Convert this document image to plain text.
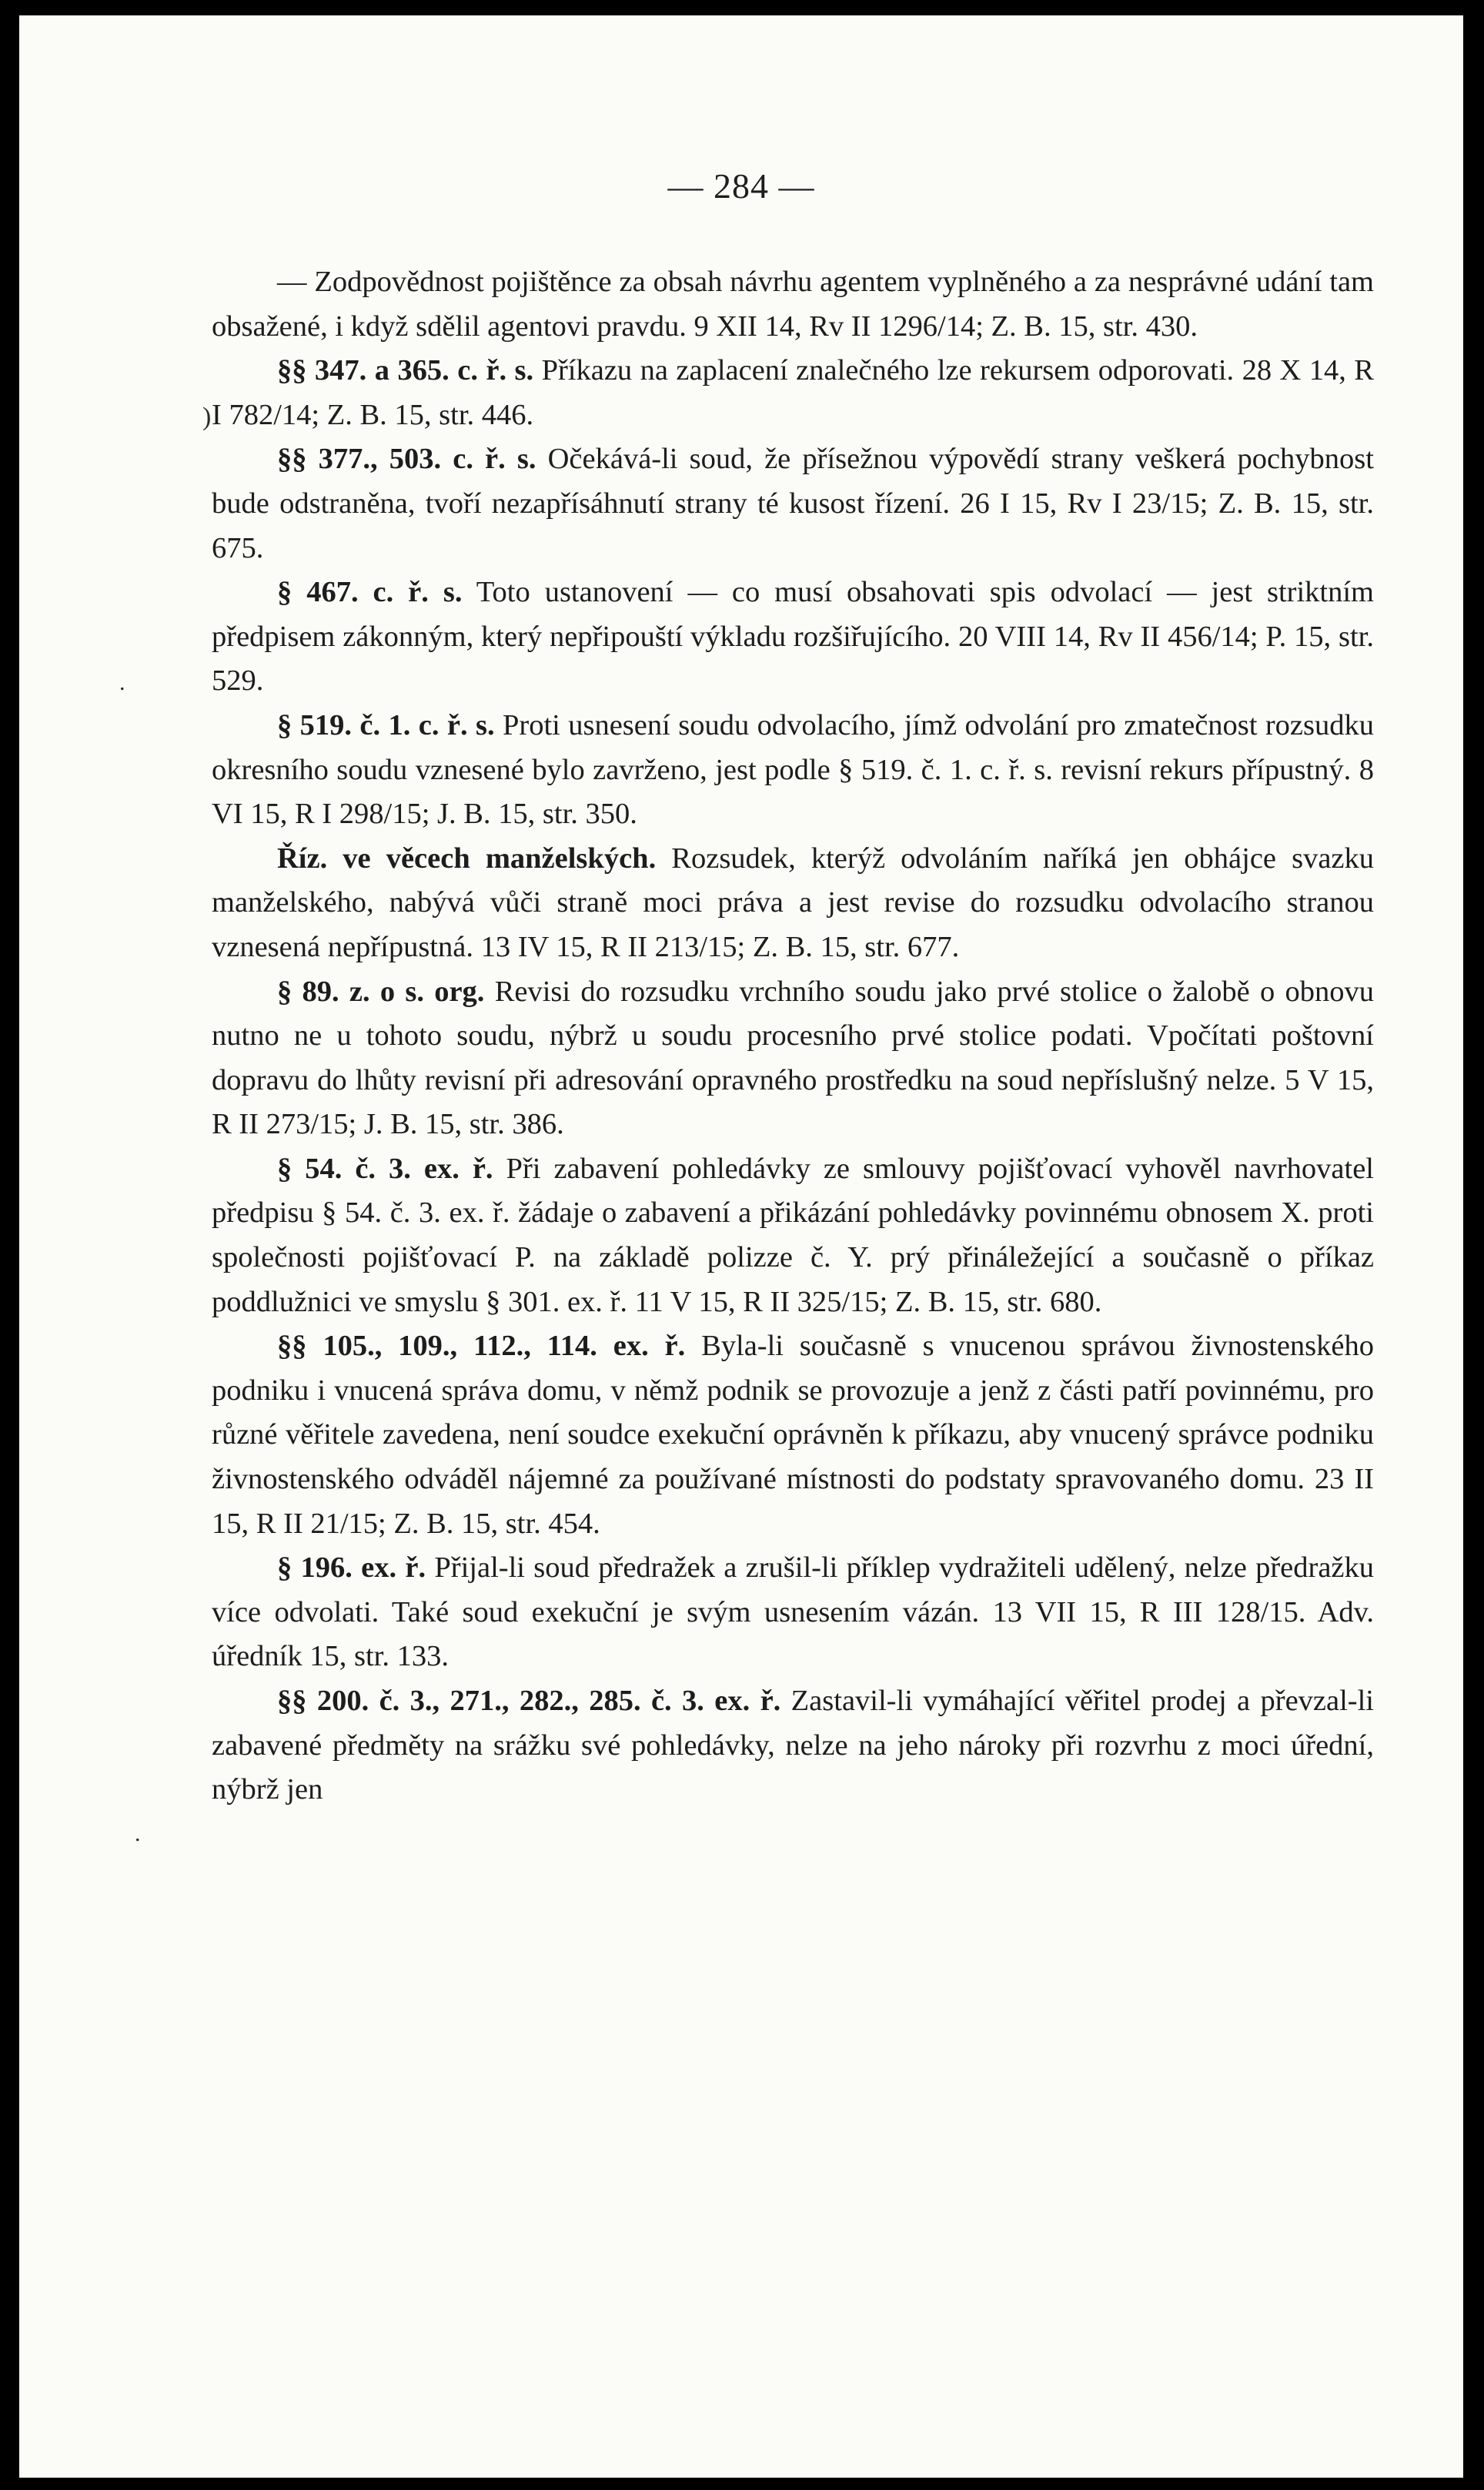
— 284 —
)
.
.

— Zodpovědnost pojištěnce za obsah návrhu agentem vyplněného a za nesprávné udání tam obsažené, i když sdělil agentovi pravdu. 9 XII 14, Rv II 1296/14; Z. B. 15, str. 430.

§§ 347. a 365. c. ř. s. Příkazu na zaplacení znalečného lze rekursem odporovati. 28 X 14, R I 782/14; Z. B. 15, str. 446.

§§ 377., 503. c. ř. s. Očekává-li soud, že přísežnou výpovědí strany veškerá pochybnost bude odstraněna, tvoří nezapřísáhnutí strany té kusost řízení. 26 I 15, Rv I 23/15; Z. B. 15, str. 675.

§ 467. c. ř. s. Toto ustanovení — co musí obsahovati spis odvolací — jest striktním předpisem zákonným, který nepřipouští výkladu rozšiřujícího. 20 VIII 14, Rv II 456/14; P. 15, str. 529.

§ 519. č. 1. c. ř. s. Proti usnesení soudu odvolacího, jímž odvolání pro zmatečnost rozsudku okresního soudu vznesené bylo zavrženo, jest podle § 519. č. 1. c. ř. s. revisní rekurs přípustný. 8 VI 15, R I 298/15; J. B. 15, str. 350.

Říz. ve věcech manželských. Rozsudek, kterýž odvoláním naříká jen obhájce svazku manželského, nabývá vůči straně moci práva a jest revise do rozsudku odvolacího stranou vznesená nepřípustná. 13 IV 15, R II 213/15; Z. B. 15, str. 677.

§ 89. z. o s. org. Revisi do rozsudku vrchního soudu jako prvé stolice o žalobě o obnovu nutno ne u tohoto soudu, nýbrž u soudu procesního prvé stolice podati. Vpočítati poštovní dopravu do lhůty revisní při adresování opravného prostředku na soud nepříslušný nelze. 5 V 15, R II 273/15; J. B. 15, str. 386.

§ 54. č. 3. ex. ř. Při zabavení pohledávky ze smlouvy pojišťovací vyhověl navrhovatel předpisu § 54. č. 3. ex. ř. žádaje o zabavení a přikázání pohledávky povinnému obnosem X. proti společnosti pojišťovací P. na základě polizze č. Y. prý přináležející a současně o příkaz poddlužnici ve smyslu § 301. ex. ř. 11 V 15, R II 325/15; Z. B. 15, str. 680.

§§ 105., 109., 112., 114. ex. ř. Byla-li současně s vnucenou správou živnostenského podniku i vnucená správa domu, v němž podnik se provozuje a jenž z části patří povinnému, pro různé věřitele zavedena, není soudce exekuční oprávněn k příkazu, aby vnucený správce podniku živnostenského odváděl nájemné za používané místnosti do podstaty spravovaného domu. 23 II 15, R II 21/15; Z. B. 15, str. 454.

§ 196. ex. ř. Přijal-li soud předražek a zrušil-li příklep vydražiteli udělený, nelze předražku více odvolati. Také soud exekuční je svým usnesením vázán. 13 VII 15, R III 128/15. Adv. úředník 15, str. 133.

§§ 200. č. 3., 271., 282., 285. č. 3. ex. ř. Zastavil-li vymáhající věřitel prodej a převzal-li zabavené předměty na srážku své pohledávky, nelze na jeho nároky při rozvrhu z moci úřední, nýbrž jen
